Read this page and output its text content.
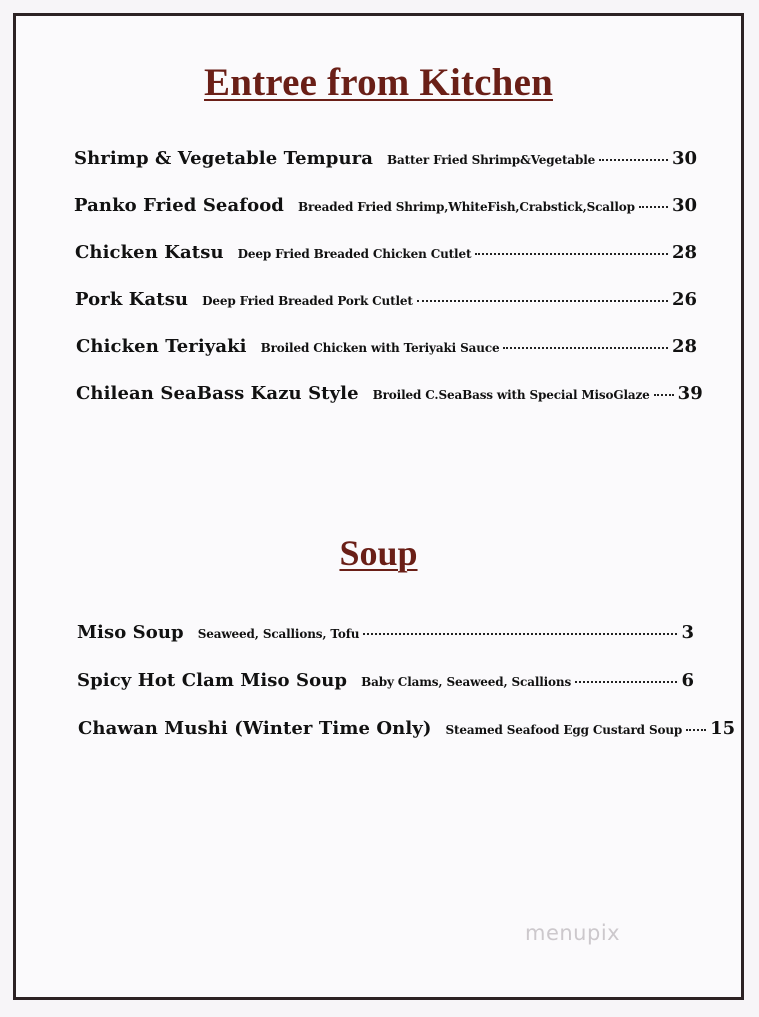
Entree from Kitchen
Shrimp & Vegetable Tempura Batter Fried Shrimp&Vegetable	30
Panko Fried Seafood Breaded Fried Shrimp,WhiteFish,Crabstick,Scallop 30
Chicken Katsu Deep Fried Breaded Chicken Cutlet	28
Pork Katsu Deep Fried Breaded Pork Cutlet	26
Chicken Teriyaki Broiled Chicken with Teriyaki Sauce	28
Chilean SeaBass Kazu Style Broiled C.SeaBass with Special MisoGlaze 39
Soup
Miso Soup Seaweed, Scallions, Tofu	3
Spicy Hot Clam Miso Soup Baby Clams, Seaweed, Scallions	6
Chawan Mushi (Winter Time Only) Steamed Seafood Egg Custard Soup 15
menupix
